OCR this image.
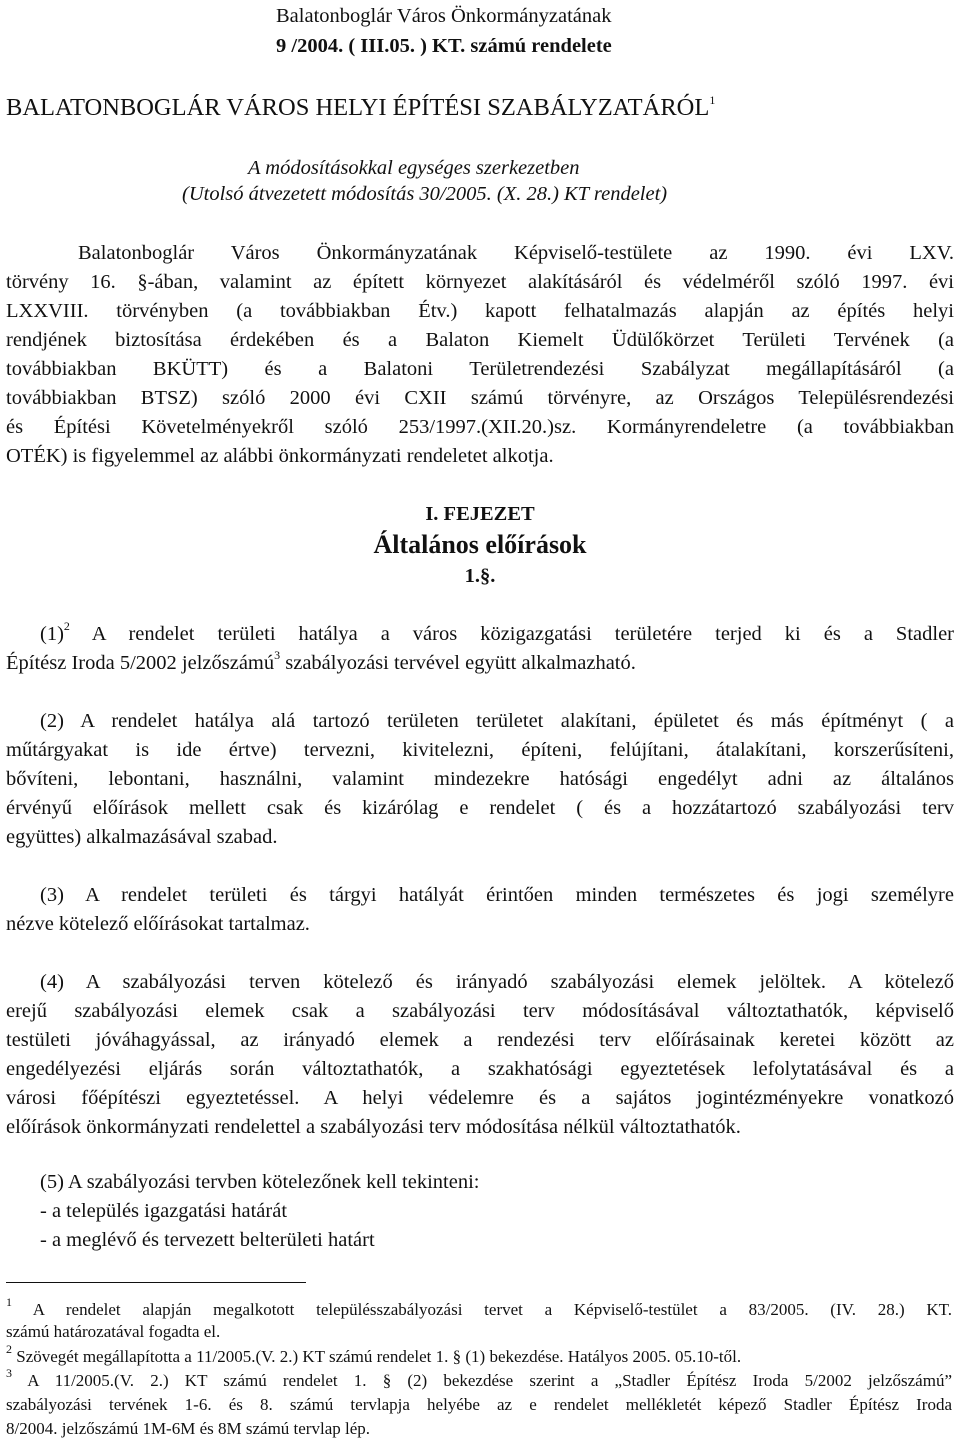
Balatonboglár Város Önkormányzatának
9 /2004. ( III.05. ) KT. számú rendelete
BALATONBOGLÁR VÁROS HELYI ÉPÍTÉSI SZABÁLYZATÁRÓL$^1$
A módosításokkal egységes szerkezetben
(Utolsó átvezetett módosítás 30/2005. (X. 28.) KT rendelet)
Balatonboglár Város Önkormányzatának Képviselő-testülete az 1990. évi LXV.
törvény 16. §-ában, valamint az épített környezet alakításáról és védelméről szóló 1997. évi
LXXVIII. törvényben (a továbbiakban Étv.) kapott felhatalmazás alapján az építés helyi
rendjének biztosítása érdekében és a Balaton Kiemelt Üdülőkörzet Területi Tervének (a
továbbiakban BKÜTT) és a Balatoni Területrendezési Szabályzat megállapításáról (a
továbbiakban BTSZ) szóló 2000 évi CXII számú törvényre, az Országos Településrendezési
és Építési Követelményekről szóló 253/1997.(XII.20.)sz. Kormányrendeletre (a továbbiakban
OTÉK) is figyelemmel az alábbi önkormányzati rendeletet alkotja.
I. FEJEZET
Általános előírások
1.§.
$(1)^2$ A rendelet területi hatálya a város közigazgatási területére terjed ki és a Stadler
Építész Iroda 5/2002 jelzőszámú$^3$ szabályozási tervével együtt alkalmazható.
(2) A rendelet hatálya alá tartozó területen területet alakítani, épületet és más építményt ( a
műtárgyakat is ide értve) tervezni, kivitelezni, építeni, felújítani, átalakítani, korszerűsíteni,
bővíteni, lebontani, használni, valamint mindezekre hatósági engedélyt adni az általános
érvényű előírások mellett csak és kizárólag e rendelet ( és a hozzátartozó szabályozási terv
együttes) alkalmazásával szabad.
(3) A rendelet területi és tárgyi hatályát érintően minden természetes és jogi személyre
nézve kötelező előírásokat tartalmaz.
(4) A szabályozási terven kötelező és irányadó szabályozási elemek jelöltek. A kötelező
erejű szabályozási elemek csak a szabályozási terv módosításával változtathatók, képviselő
testületi jóváhagyással, az irányadó elemek a rendezési terv előírásainak keretei között az
engedélyezési eljárás során változtathatók, a szakhatósági egyeztetések lefolytatásával és a
városi főépítészi egyeztetéssel. A helyi védelemre és a sajátos jogintézményekre vonatkozó
előírások önkormányzati rendelettel a szabályozási terv módosítása nélkül változtathatók.
(5) A szabályozási tervben kötelezőnek kell tekinteni:
- a település igazgatási határát
- a meglévő és tervezett belterületi határt
$^1$ A rendelet alapján megalkotott településszabályozási tervet a Képviselő-testület a 83/2005. (IV. 28.) KT.
számú határozatával fogadta el.
$^2$ Szövegét megállapította a 11/2005.(V. 2.) KT számú rendelet 1. § (1) bekezdése. Hatályos 2005. 05.10-től.
$^3$ A 11/2005.(V. 2.) KT számú rendelet 1. § (2) bekezdése szerint a „Stadler Építész Iroda 5/2002 jelzőszámú”
szabályozási tervének 1-6. és 8. számú tervlapja helyébe az e rendelet mellékletét képező Stadler Építész Iroda
8/2004. jelzőszámú 1M-6M és 8M számú tervlap lép.
